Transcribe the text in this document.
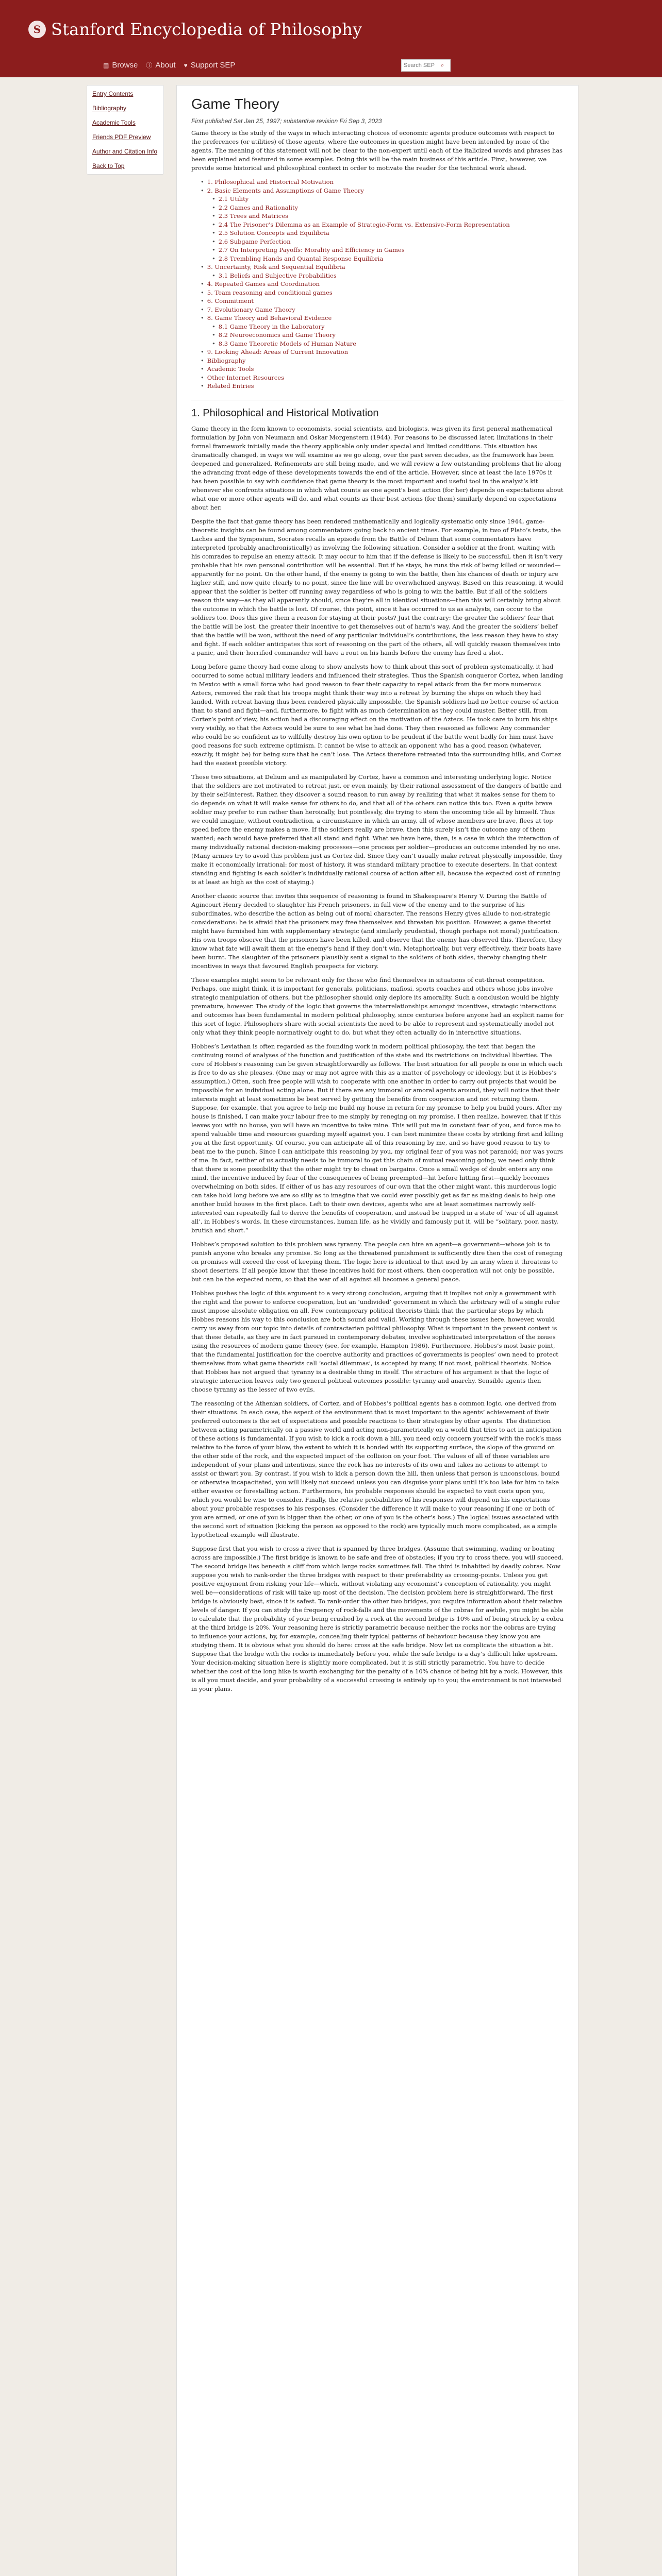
S Stanford Encyclopedia of Philosophy
▤ Browse ⓘ About ♥ Support SEP
Search SEP	⌕
Entry Contents
Bibliography
Academic Tools
Friends PDF Preview
Author and Citation Info
Back to Top
Game Theory
First published Sat Jan 25, 1997; substantive revision Fri Sep 3, 2023

Game theory is the study of the ways in which interacting choices of economic agents produce outcomes with respect to the preferences (or utilities) of those agents, where the outcomes in question might have been intended by none of the agents. The meaning of this statement will not be clear to the non-expert until each of the italicized words and phrases has been explained and featured in some examples. Doing this will be the main business of this article. First, however, we provide some historical and philosophical context in order to motivate the reader for the technical work ahead.

• 1. Philosophical and Historical Motivation
• 2. Basic Elements and Assumptions of Game Theory
• 2.1 Utility
• 2.2 Games and Rationality
• 2.3 Trees and Matrices
• 2.4 The Prisoner’s Dilemma as an Example of Strategic-Form vs. Extensive-Form Representation
• 2.5 Solution Concepts and Equilibria
• 2.6 Subgame Perfection
• 2.7 On Interpreting Payoffs: Morality and Efficiency in Games
• 2.8 Trembling Hands and Quantal Response Equilibria
• 3. Uncertainty, Risk and Sequential Equilibria
• 3.1 Beliefs and Subjective Probabilities
• 4. Repeated Games and Coordination
• 5. Team reasoning and conditional games
• 6. Commitment
• 7. Evolutionary Game Theory
• 8. Game Theory and Behavioral Evidence
• 8.1 Game Theory in the Laboratory
• 8.2 Neuroeconomics and Game Theory
• 8.3 Game Theoretic Models of Human Nature
• 9. Looking Ahead: Areas of Current Innovation
• Bibliography
• Academic Tools
• Other Internet Resources
• Related Entries
1. Philosophical and Historical Motivation

Game theory in the form known to economists, social scientists, and biologists, was given its first general mathematical formulation by John von Neumann and Oskar Morgenstern (1944). For reasons to be discussed later, limitations in their formal framework initially made the theory applicable only under special and limited conditions. This situation has dramatically changed, in ways we will examine as we go along, over the past seven decades, as the framework has been deepened and generalized. Refinements are still being made, and we will review a few outstanding problems that lie along the advancing front edge of these developments towards the end of the article. However, since at least the late 1970s it has been possible to say with confidence that game theory is the most important and useful tool in the analyst’s kit whenever she confronts situations in which what counts as one agent’s best action (for her) depends on expectations about what one or more other agents will do, and what counts as their best actions (for them) similarly depend on expectations about her.

Despite the fact that game theory has been rendered mathematically and logically systematic only since 1944, game-theoretic insights can be found among commentators going back to ancient times. For example, in two of Plato’s texts, the Laches and the Symposium, Socrates recalls an episode from the Battle of Delium that some commentators have interpreted (probably anachronistically) as involving the following situation. Consider a soldier at the front, waiting with his comrades to repulse an enemy attack. It may occur to him that if the defense is likely to be successful, then it isn’t very probable that his own personal contribution will be essential. But if he stays, he runs the risk of being killed or wounded—apparently for no point. On the other hand, if the enemy is going to win the battle, then his chances of death or injury are higher still, and now quite clearly to no point, since the line will be overwhelmed anyway. Based on this reasoning, it would appear that the soldier is better off running away regardless of who is going to win the battle. But if all of the soldiers reason this way—as they all apparently should, since they’re all in identical situations—then this will certainly bring about the outcome in which the battle is lost. Of course, this point, since it has occurred to us as analysts, can occur to the soldiers too. Does this give them a reason for staying at their posts? Just the contrary: the greater the soldiers’ fear that the battle will be lost, the greater their incentive to get themselves out of harm’s way. And the greater the soldiers’ belief that the battle will be won, without the need of any particular individual’s contributions, the less reason they have to stay and fight. If each soldier anticipates this sort of reasoning on the part of the others, all will quickly reason themselves into a panic, and their horrified commander will have a rout on his hands before the enemy has fired a shot.

Long before game theory had come along to show analysts how to think about this sort of problem systematically, it had occurred to some actual military leaders and influenced their strategies. Thus the Spanish conqueror Cortez, when landing in Mexico with a small force who had good reason to fear their capacity to repel attack from the far more numerous Aztecs, removed the risk that his troops might think their way into a retreat by burning the ships on which they had landed. With retreat having thus been rendered physically impossible, the Spanish soldiers had no better course of action than to stand and fight—and, furthermore, to fight with as much determination as they could muster. Better still, from Cortez’s point of view, his action had a discouraging effect on the motivation of the Aztecs. He took care to burn his ships very visibly, so that the Aztecs would be sure to see what he had done. They then reasoned as follows: Any commander who could be so confident as to willfully destroy his own option to be prudent if the battle went badly for him must have good reasons for such extreme optimism. It cannot be wise to attack an opponent who has a good reason (whatever, exactly, it might be) for being sure that he can’t lose. The Aztecs therefore retreated into the surrounding hills, and Cortez had the easiest possible victory.

These two situations, at Delium and as manipulated by Cortez, have a common and interesting underlying logic. Notice that the soldiers are not motivated to retreat just, or even mainly, by their rational assessment of the dangers of battle and by their self-interest. Rather, they discover a sound reason to run away by realizing that what it makes sense for them to do depends on what it will make sense for others to do, and that all of the others can notice this too. Even a quite brave soldier may prefer to run rather than heroically, but pointlessly, die trying to stem the oncoming tide all by himself. Thus we could imagine, without contradiction, a circumstance in which an army, all of whose members are brave, flees at top speed before the enemy makes a move. If the soldiers really are brave, then this surely isn’t the outcome any of them wanted; each would have preferred that all stand and fight. What we have here, then, is a case in which the interaction of many individually rational decision-making processes—one process per soldier—produces an outcome intended by no one. (Many armies try to avoid this problem just as Cortez did. Since they can’t usually make retreat physically impossible, they make it economically irrational: for most of history, it was standard military practice to execute deserters. In that context standing and fighting is each soldier’s individually rational course of action after all, because the expected cost of running is at least as high as the cost of staying.)

Another classic source that invites this sequence of reasoning is found in Shakespeare’s Henry V. During the Battle of Agincourt Henry decided to slaughter his French prisoners, in full view of the enemy and to the surprise of his subordinates, who describe the action as being out of moral character. The reasons Henry gives allude to non-strategic considerations: he is afraid that the prisoners may free themselves and threaten his position. However, a game theorist might have furnished him with supplementary strategic (and similarly prudential, though perhaps not moral) justification. His own troops observe that the prisoners have been killed, and observe that the enemy has observed this. Therefore, they know what fate will await them at the enemy’s hand if they don’t win. Metaphorically, but very effectively, their boats have been burnt. The slaughter of the prisoners plausibly sent a signal to the soldiers of both sides, thereby changing their incentives in ways that favoured English prospects for victory.

These examples might seem to be relevant only for those who find themselves in situations of cut-throat competition. Perhaps, one might think, it is important for generals, politicians, mafiosi, sports coaches and others whose jobs involve strategic manipulation of others, but the philosopher should only deplore its amorality. Such a conclusion would be highly premature, however. The study of the logic that governs the interrelationships amongst incentives, strategic interactions and outcomes has been fundamental in modern political philosophy, since centuries before anyone had an explicit name for this sort of logic. Philosophers share with social scientists the need to be able to represent and systematically model not only what they think people normatively ought to do, but what they often actually do in interactive situations.

Hobbes’s Leviathan is often regarded as the founding work in modern political philosophy, the text that began the continuing round of analyses of the function and justification of the state and its restrictions on individual liberties. The core of Hobbes’s reasoning can be given straightforwardly as follows. The best situation for all people is one in which each is free to do as she pleases. (One may or may not agree with this as a matter of psychology or ideology, but it is Hobbes’s assumption.) Often, such free people will wish to cooperate with one another in order to carry out projects that would be impossible for an individual acting alone. But if there are any immoral or amoral agents around, they will notice that their interests might at least sometimes be best served by getting the benefits from cooperation and not returning them. Suppose, for example, that you agree to help me build my house in return for my promise to help you build yours. After my house is finished, I can make your labour free to me simply by reneging on my promise. I then realize, however, that if this leaves you with no house, you will have an incentive to take mine. This will put me in constant fear of you, and force me to spend valuable time and resources guarding myself against you. I can best minimize these costs by striking first and killing you at the first opportunity. Of course, you can anticipate all of this reasoning by me, and so have good reason to try to beat me to the punch. Since I can anticipate this reasoning by you, my original fear of you was not paranoid; nor was yours of me. In fact, neither of us actually needs to be immoral to get this chain of mutual reasoning going; we need only think that there is some possibility that the other might try to cheat on bargains. Once a small wedge of doubt enters any one mind, the incentive induced by fear of the consequences of being preempted—hit before hitting first—quickly becomes overwhelming on both sides. If either of us has any resources of our own that the other might want, this murderous logic can take hold long before we are so silly as to imagine that we could ever possibly get as far as making deals to help one another build houses in the first place. Left to their own devices, agents who are at least sometimes narrowly self-interested can repeatedly fail to derive the benefits of cooperation, and instead be trapped in a state of ‘war of all against all’, in Hobbes’s words. In these circumstances, human life, as he vividly and famously put it, will be “solitary, poor, nasty, brutish and short.”

Hobbes’s proposed solution to this problem was tyranny. The people can hire an agent—a government—whose job is to punish anyone who breaks any promise. So long as the threatened punishment is sufficiently dire then the cost of reneging on promises will exceed the cost of keeping them. The logic here is identical to that used by an army when it threatens to shoot deserters. If all people know that these incentives hold for most others, then cooperation will not only be possible, but can be the expected norm, so that the war of all against all becomes a general peace.

Hobbes pushes the logic of this argument to a very strong conclusion, arguing that it implies not only a government with the right and the power to enforce cooperation, but an ‘undivided’ government in which the arbitrary will of a single ruler must impose absolute obligation on all. Few contemporary political theorists think that the particular steps by which Hobbes reasons his way to this conclusion are both sound and valid. Working through these issues here, however, would carry us away from our topic into details of contractarian political philosophy. What is important in the present context is that these details, as they are in fact pursued in contemporary debates, involve sophisticated interpretation of the issues using the resources of modern game theory (see, for example, Hampton 1986). Furthermore, Hobbes’s most basic point, that the fundamental justification for the coercive authority and practices of governments is peoples’ own need to protect themselves from what game theorists call ‘social dilemmas’, is accepted by many, if not most, political theorists. Notice that Hobbes has not argued that tyranny is a desirable thing in itself. The structure of his argument is that the logic of strategic interaction leaves only two general political outcomes possible: tyranny and anarchy. Sensible agents then choose tyranny as the lesser of two evils.

The reasoning of the Athenian soldiers, of Cortez, and of Hobbes’s political agents has a common logic, one derived from their situations. In each case, the aspect of the environment that is most important to the agents’ achievement of their preferred outcomes is the set of expectations and possible reactions to their strategies by other agents. The distinction between acting parametrically on a passive world and acting non-parametrically on a world that tries to act in anticipation of these actions is fundamental. If you wish to kick a rock down a hill, you need only concern yourself with the rock’s mass relative to the force of your blow, the extent to which it is bonded with its supporting surface, the slope of the ground on the other side of the rock, and the expected impact of the collision on your foot. The values of all of these variables are independent of your plans and intentions, since the rock has no interests of its own and takes no actions to attempt to assist or thwart you. By contrast, if you wish to kick a person down the hill, then unless that person is unconscious, bound or otherwise incapacitated, you will likely not succeed unless you can disguise your plans until it’s too late for him to take either evasive or forestalling action. Furthermore, his probable responses should be expected to visit costs upon you, which you would be wise to consider. Finally, the relative probabilities of his responses will depend on his expectations about your probable responses to his responses. (Consider the difference it will make to your reasoning if one or both of you are armed, or one of you is bigger than the other, or one of you is the other’s boss.) The logical issues associated with the second sort of situation (kicking the person as opposed to the rock) are typically much more complicated, as a simple hypothetical example will illustrate.

Suppose first that you wish to cross a river that is spanned by three bridges. (Assume that swimming, wading or boating across are impossible.) The first bridge is known to be safe and free of obstacles; if you try to cross there, you will succeed. The second bridge lies beneath a cliff from which large rocks sometimes fall. The third is inhabited by deadly cobras. Now suppose you wish to rank-order the three bridges with respect to their preferability as crossing-points. Unless you get positive enjoyment from risking your life—which, without violating any economist’s conception of rationality, you might well be—considerations of risk will take up most of the decision. The decision problem here is straightforward. The first bridge is obviously best, since it is safest. To rank-order the other two bridges, you require information about their relative levels of danger. If you can study the frequency of rock-falls and the movements of the cobras for awhile, you might be able to calculate that the probability of your being crushed by a rock at the second bridge is 10% and of being struck by a cobra at the third bridge is 20%. Your reasoning here is strictly parametric because neither the rocks nor the cobras are trying to influence your actions, by, for example, concealing their typical patterns of behaviour because they know you are studying them. It is obvious what you should do here: cross at the safe bridge. Now let us complicate the situation a bit. Suppose that the bridge with the rocks is immediately before you, while the safe bridge is a day’s difficult hike upstream. Your decision-making situation here is slightly more complicated, but it is still strictly parametric. You have to decide whether the cost of the long hike is worth exchanging for the penalty of a 10% chance of being hit by a rock. However, this is all you must decide, and your probability of a successful crossing is entirely up to you; the environment is not interested in your plans.
